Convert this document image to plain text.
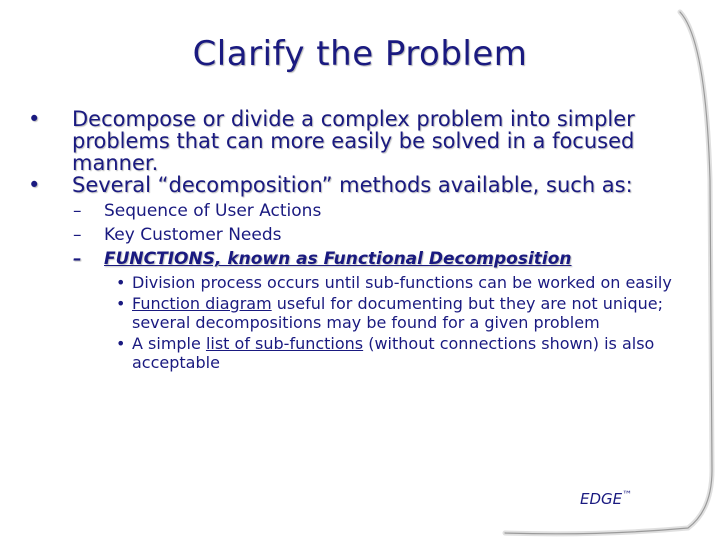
Clarify the Problem
• Decompose or divide a complex problem into simpler problems that can more easily be solved in a focused manner.
• Several “decomposition” methods available, such as:
– Sequence of User Actions
– Key Customer Needs
– FUNCTIONS, known as Functional Decomposition
• Division process occurs until sub-functions can be worked on easily
• Function diagram useful for documenting but they are not unique; several decompositions may be found for a given problem
• A simple list of sub-functions (without connections shown) is also acceptable
EDGE™
